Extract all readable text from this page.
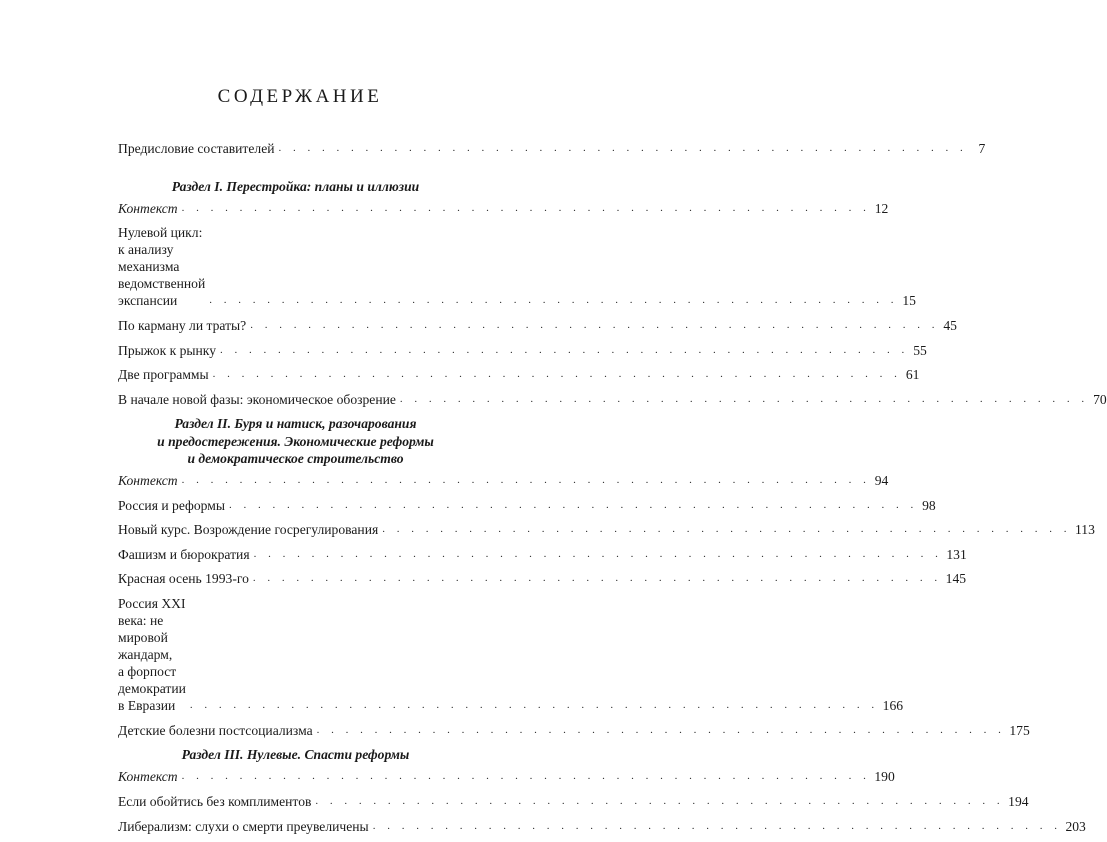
СОДЕРЖАНИЕ
Предисловие составителей . . . . . . . . . . . . . . . . . . . . . . . . . . . . . . . . . . . . . . . . . . . . . . . . 7
Раздел I. Перестройка: планы и иллюзии
Контекст . . . . . . . . . . . . . . . . . . . . . . . . . . . . . . . . . . . . . . . . . . . . . . . . 12
Нулевой цикл:
к анализу механизма ведомственной экспансии	. . . . . . . . . . . . . . . . . . . . . . . . . . . . . . . . . . . . . . . . . . . . . . . . 15
По карману ли траты? . . . . . . . . . . . . . . . . . . . . . . . . . . . . . . . . . . . . . . . . . . . . . . . . 45
Прыжок к рынку . . . . . . . . . . . . . . . . . . . . . . . . . . . . . . . . . . . . . . . . . . . . . . . . 55
Две программы . . . . . . . . . . . . . . . . . . . . . . . . . . . . . . . . . . . . . . . . . . . . . . . . 61
В начале новой фазы: экономическое обозрение . . . . . . . . . . . . . . . . . . . . . . . . . . . . . . . . . . . . . . . . . . . . . . . . 70
Раздел II. Буря и натиск, разочарования
и предостережения. Экономические реформы
и демократическое строительство
Контекст . . . . . . . . . . . . . . . . . . . . . . . . . . . . . . . . . . . . . . . . . . . . . . . . 94
Россия и реформы . . . . . . . . . . . . . . . . . . . . . . . . . . . . . . . . . . . . . . . . . . . . . . . . 98
Новый курс. Возрождение госрегулирования . . . . . . . . . . . . . . . . . . . . . . . . . . . . . . . . . . . . . . . . . . . . . . . . 113
Фашизм и бюрократия . . . . . . . . . . . . . . . . . . . . . . . . . . . . . . . . . . . . . . . . . . . . . . . . 131
Красная осень 1993-го . . . . . . . . . . . . . . . . . . . . . . . . . . . . . . . . . . . . . . . . . . . . . . . . 145
Россия XXI века: не мировой жандарм,
а форпост демократии в Евразии	. . . . . . . . . . . . . . . . . . . . . . . . . . . . . . . . . . . . . . . . . . . . . . . . 166
Детские болезни постсоциализма . . . . . . . . . . . . . . . . . . . . . . . . . . . . . . . . . . . . . . . . . . . . . . . . 175
Раздел III. Нулевые. Спасти реформы
Контекст . . . . . . . . . . . . . . . . . . . . . . . . . . . . . . . . . . . . . . . . . . . . . . . . 190
Если обойтись без комплиментов . . . . . . . . . . . . . . . . . . . . . . . . . . . . . . . . . . . . . . . . . . . . . . . . 194
Либерализм: слухи о смерти преувеличены . . . . . . . . . . . . . . . . . . . . . . . . . . . . . . . . . . . . . . . . . . . . . . . . 203
